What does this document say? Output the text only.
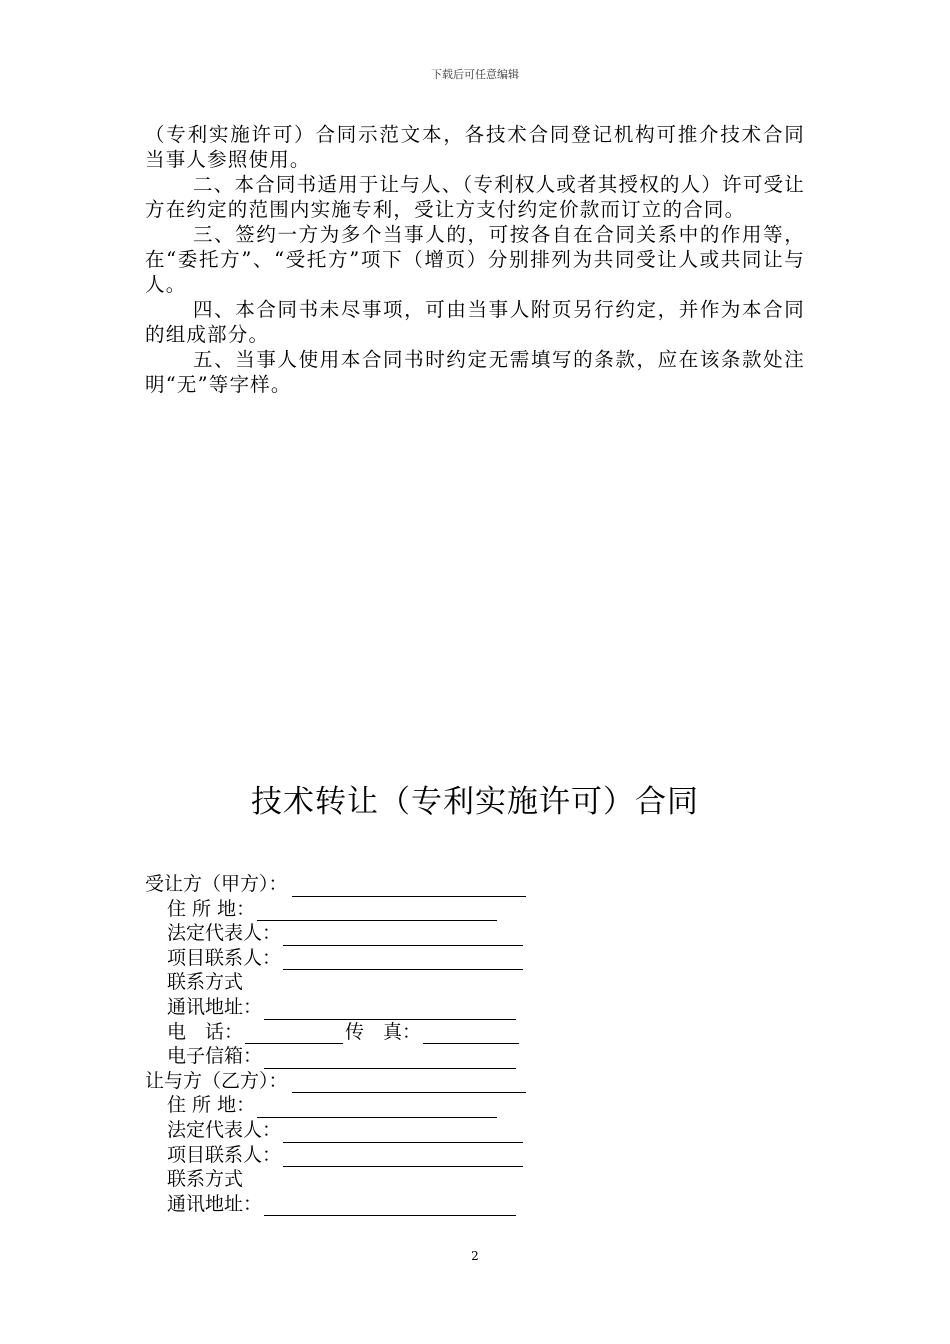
下载后可任意编辑

（专利实施许可）合同示范文本，各技术合同登记机构可推介技术合同当事人参照使用。

二、本合同书适用于让与人、（专利权人或者其授权的人）许可受让方在约定的范围内实施专利，受让方支付约定价款而订立的合同。

三、签约一方为多个当事人的，可按各自在合同关系中的作用等，在“委托方”、“受托方”项下（增页）分别排列为共同受让人或共同让与人。

四、本合同书未尽事项，可由当事人附页另行约定，并作为本合同的组成部分。

五、当事人使用本合同书时约定无需填写的条款，应在该条款处注明“无”等字样。

技术转让（专利实施许可）合同
受让方（甲方）：
住 所 地：
法定代表人：
项目联系人：
联系方式
通讯地址：
电　话：	传　真：
电子信箱：
让与方（乙方）：
住 所 地：
法定代表人：
项目联系人：
联系方式
通讯地址：
2
